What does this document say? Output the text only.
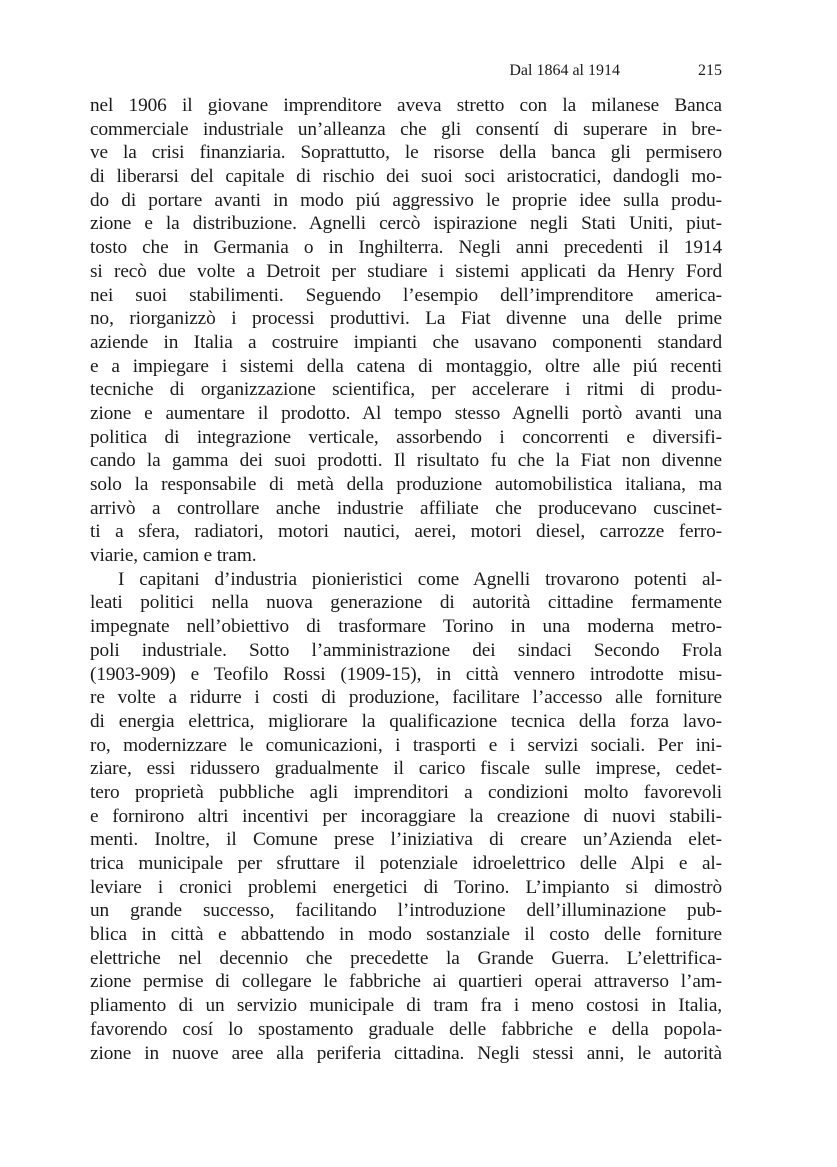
Dal 1864 al 1914	215
nel 1906 il giovane imprenditore aveva stretto con la milanese Banca
commerciale industriale un’alleanza che gli consentí di superare in bre-
ve la crisi finanziaria. Soprattutto, le risorse della banca gli permisero
di liberarsi del capitale di rischio dei suoi soci aristocratici, dandogli mo-
do di portare avanti in modo piú aggressivo le proprie idee sulla produ-
zione e la distribuzione. Agnelli cercò ispirazione negli Stati Uniti, piut-
tosto che in Germania o in Inghilterra. Negli anni precedenti il 1914
si recò due volte a Detroit per studiare i sistemi applicati da Henry Ford
nei suoi stabilimenti. Seguendo l’esempio dell’imprenditore america-
no, riorganizzò i processi produttivi. La Fiat divenne una delle prime
aziende in Italia a costruire impianti che usavano componenti standard
e a impiegare i sistemi della catena di montaggio, oltre alle piú recenti
tecniche di organizzazione scientifica, per accelerare i ritmi di produ-
zione e aumentare il prodotto. Al tempo stesso Agnelli portò avanti una
politica di integrazione verticale, assorbendo i concorrenti e diversifi-
cando la gamma dei suoi prodotti. Il risultato fu che la Fiat non divenne
solo la responsabile di metà della produzione automobilistica italiana, ma
arrivò a controllare anche industrie affiliate che producevano cuscinet-
ti a sfera, radiatori, motori nautici, aerei, motori diesel, carrozze ferro-
viarie, camion e tram.
I capitani d’industria pionieristici come Agnelli trovarono potenti al-
leati politici nella nuova generazione di autorità cittadine fermamente
impegnate nell’obiettivo di trasformare Torino in una moderna metro-
poli industriale. Sotto l’amministrazione dei sindaci Secondo Frola
(1903-909) e Teofilo Rossi (1909-15), in città vennero introdotte misu-
re volte a ridurre i costi di produzione, facilitare l’accesso alle forniture
di energia elettrica, migliorare la qualificazione tecnica della forza lavo-
ro, modernizzare le comunicazioni, i trasporti e i servizi sociali. Per ini-
ziare, essi ridussero gradualmente il carico fiscale sulle imprese, cedet-
tero proprietà pubbliche agli imprenditori a condizioni molto favorevoli
e fornirono altri incentivi per incoraggiare la creazione di nuovi stabili-
menti. Inoltre, il Comune prese l’iniziativa di creare un’Azienda elet-
trica municipale per sfruttare il potenziale idroelettrico delle Alpi e al-
leviare i cronici problemi energetici di Torino. L’impianto si dimostrò
un grande successo, facilitando l’introduzione dell’illuminazione pub-
blica in città e abbattendo in modo sostanziale il costo delle forniture
elettriche nel decennio che precedette la Grande Guerra. L’elettrifica-
zione permise di collegare le fabbriche ai quartieri operai attraverso l’am-
pliamento di un servizio municipale di tram fra i meno costosi in Italia,
favorendo cosí lo spostamento graduale delle fabbriche e della popola-
zione in nuove aree alla periferia cittadina. Negli stessi anni, le autorità
